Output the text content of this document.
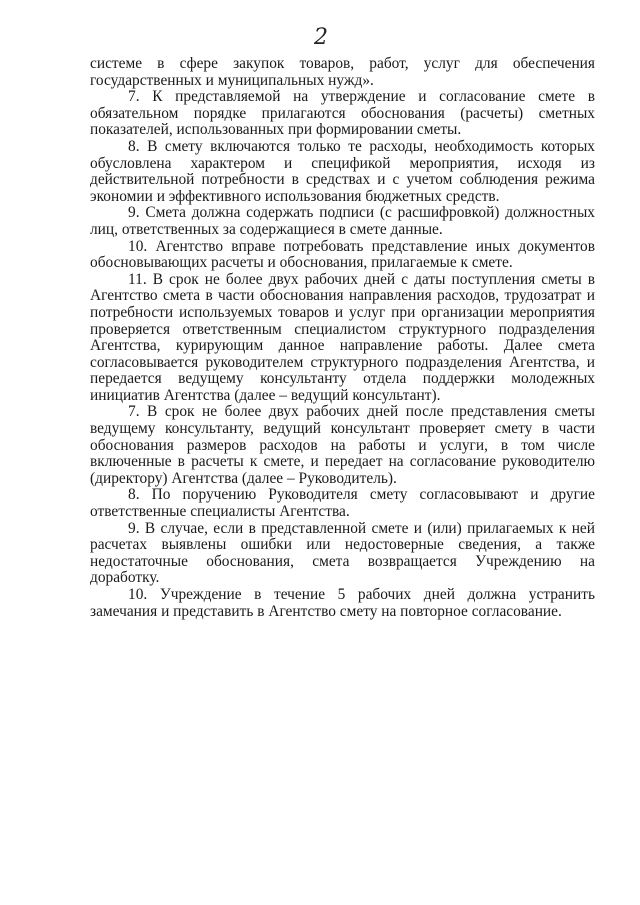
2

системе в сфере закупок товаров, работ, услуг для обеспечения государственных и муниципальных нужд».

7. К представляемой на утверждение и согласование смете в обязательном порядке прилагаются обоснования (расчеты) сметных показателей, использованных при формировании сметы.

8. В смету включаются только те расходы, необходимость которых обусловлена характером и спецификой мероприятия, исходя из действительной потребности в средствах и с учетом соблюдения режима экономии и эффективного использования бюджетных средств.

9. Смета должна содержать подписи (с расшифровкой) должностных лиц, ответственных за содержащиеся в смете данные.

10. Агентство вправе потребовать представление иных документов обосновывающих расчеты и обоснования, прилагаемые к смете.

11. В срок не более двух рабочих дней с даты поступления сметы в Агентство смета в части обоснования направления расходов, трудозатрат и потребности используемых товаров и услуг при организации мероприятия проверяется ответственным специалистом структурного подразделения Агентства, курирующим данное направление работы. Далее смета согласовывается руководителем структурного подразделения Агентства, и передается ведущему консультанту отдела поддержки молодежных инициатив Агентства (далее – ведущий консультант).

7. В срок не более двух рабочих дней после представления сметы ведущему консультанту, ведущий консультант проверяет смету в части обоснования размеров расходов на работы и услуги, в том числе включенные в расчеты к смете, и передает на согласование руководителю (директору) Агентства (далее – Руководитель).

8. По поручению Руководителя смету согласовывают и другие ответственные специалисты Агентства.

9. В случае, если в представленной смете и (или) прилагаемых к ней расчетах выявлены ошибки или недостоверные сведения, а также недостаточные обоснования, смета возвращается Учреждению на доработку.

10. Учреждение в течение 5 рабочих дней должна устранить замечания и представить в Агентство смету на повторное согласование.
